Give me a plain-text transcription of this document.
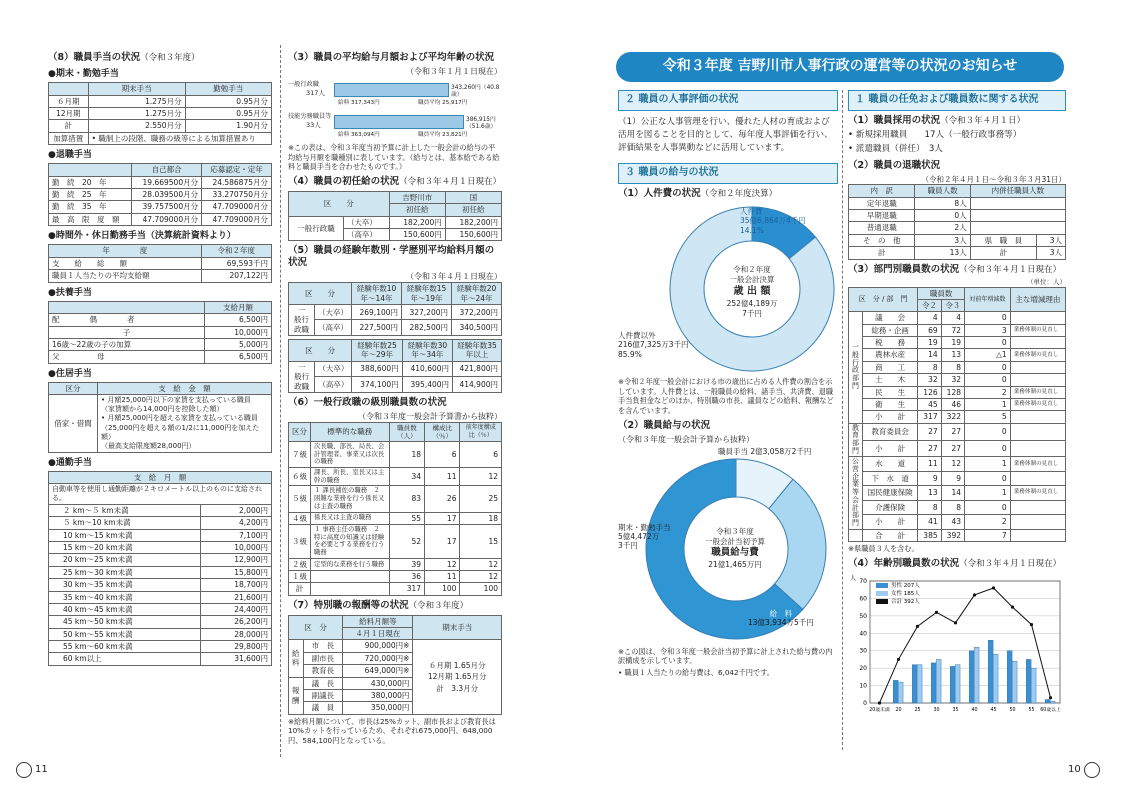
（8）職員手当の状況（令和３年度）
●期末・勤勉手当
	期末手当	勤勉手当
６月期	1.275月分	0.95月分
12月期	1.275月分	0.95月分
計	2.550月分	1.90月分
加算措置	• 職制上の段階、職務の級等による加算措置あり	
●退職手当
	自己都合	応募認定・定年
勤　続　20　年	19.669500月分	24.586875月分
勤　続　25　年	28.039500月分	33.270750月分
勤　続　35　年	39.757500月分	47.709000月分
最　高　限　度　額	47.709000月分	47.709000月分
●時間外・休日勤務手当（決算統計資料より）
年　　　　度	令和２年度
支　　給　　総　　額	69,593千円
職員１人当たりの平均支給額	207,122円
●扶養手当
	支給月額
配　　　　偶　　　　者	6,500円
子	10,000円
16歳～22歳の子の加算	5,000円
父　　　　　母	6,500円
●住居手当
区分	支　給　金　額
借家・借間	• 月額25,000円以下の家賃を支払っている職員
（家賃額から14,000円を控除した額）
• 月額25,000円を超える家賃を支払っている職員
（25,000円を超える額の1/2に11,000円を加えた額）
（最高支給限度額28,000円）
●通勤手当
支　給　月　額	
自動車等を使用し通勤距離が２キロメートル以上のものに支給される。	
２ km～５ km未満	2,000円
５ km～10 km未満	4,200円
10 km～15 km未満	7,100円
15 km～20 km未満	10,000円
20 km～25 km未満	12,900円
25 km～30 km未満	15,800円
30 km～35 km未満	18,700円
35 km～40 km未満	21,600円
40 km～45 km未満	24,400円
45 km～50 km未満	26,200円
50 km～55 km未満	28,000円
55 km～60 km未満	29,800円
60 km以上	31,600円
（3）職員の平均給与月額および平均年齢の状況
（令和３年１月１日現在）
一般行政職
317人
343,260円（40.8歳）
給料 317,343円	職員平均 25,917円
技能労務職員等
33人
386,915円（51.6歳）
給料 363,094円	職員平均 23,821円
※この表は、令和３年度当初予算に計上した一般会計の給与の平均給与月額を職種別に表しています。（給与とは、基本給である給料と職員手当を合わせたものです。）
（4）職員の初任給の状況（令和３年４月１日現在）
区　　分		吉野川市	国
		初任給	初任給
一般行政職	（大卒）	182,200円	182,200円
	（高卒）	150,600円	150,600円
（5）職員の経験年数別・学歴別平均給料月額の状況
（令和３年４月１日現在）
区　　分		経験年数10年～14年	経験年数15年～19年	経験年数20年～24年
一　般行政職	（大卒）	269,100円	327,200円	372,200円
	（高卒）	227,500円	282,500円	340,500円
区　　分		経験年数25年～29年	経験年数30年～34年	経験年数35年以上
一　般行政職	（大卒）	388,600円	410,600円	421,800円
	（高卒）	374,100円	395,400円	414,900円
（6）一般行政職の級別職員数の状況
（令和３年度一般会計予算書から抜粋）
区分	標準的な職務	職員数（人）	構成比（％）	前年度構成比（％）
７級	次長職、部長、局長、会計管理者、事業又は次長の職務	18	6	6
６級	課長、所長、室長又は主幹の職務	34	11	12
５級	１ 課長補佐の職務　２ 困難な業務を行う係長又は主査の職務	83	26	25
４級	係長又は主査の職務	55	17	18
３級	１ 事務主任の職務　２ 特に高度の知識又は経験を必要とする業務を行う職務	52	17	15
２級	定型的な業務を行う職務	39	12	12
１級		36	11	12
計		317	100	100
（7）特別職の報酬等の状況（令和３年度）
区　分		給料月額等	期末手当
		４月１日現在	
給料	市　長	900,000円※	６月期 1.65月分
12月期 1.65月分
計　3.3月分

	副市長	720,000円※	
	教育長	649,000円※	
報酬	議　長	430,000円	
	副議長	380,000円	
	議　員	350,000円	
※給料月額について、市長は25%カット、副市長および教育長は10%カットを行っているため、それぞれ675,000円、648,000円、584,100円となっている。
令和３年度 吉野川市人事行政の運営等の状況のお知らせ
２ 職員の人事評価の状況
（1）公正な人事管理を行い、優れた人材の育成および活用を図ることを目的として、毎年度人事評価を行い、評価結果を人事異動などに活用しています。
３ 職員の給与の状況
（1）人件費の状況（令和２年度決算）
令和２年度
一般会計決算
歳 出 額
252億4,189万
7千円
人件費
35億6,864万4千円
14.1%
人件費以外
216億7,325万3千円
85.9%
※令和２年度一般会計における市の歳出に占める人件費の割合を示しています。人件費とは、一般職員の給料、諸手当、共済費、退職手当負担金などのほか、特別職の市長、議員などの給料、報酬などを含んでいます。
（2）職員給与の状況
（令和３年度一般会計予算から抜粋）
令和３年度
一般会計当初予算
職員給与費
21億1,465万円
職員手当 2億3,058万2千円
期末・勤勉手当
5億4,472万
3千円
給　料
13億3,934万5千円
※この図は、令和３年度一般会計当初予算に計上された給与費の内訳構成を示しています。
• 職員１人当たりの給与費は、6,042千円です。
１ 職員の任免および職員数に関する状況
（1）職員採用の状況（令和３年４月１日）
• 新規採用職員　　17人（一般行政事務等）
• 派遣職員（併任）　3人
（2）職員の退職状況
（令和２年４月１日～令和３年３月31日）
内　訳	職員人数	内併任職員人数	
定年退職	8人		
早期退職	0人		
普通退職	2人		
そ　の　他	3人	県　職　員	3人
計	13人	計	3人
（3）部門別職員数の状況（令和３年４月１日現在）
（単位：人）
区　分 / 部　門		職員数		対前年増減数	主な増減理由
		令２	令３		
一般行政部門	議　　会	4	4	0	
	総務・企画	69	72	3	業務体制の見直し
	税　　務	19	19	0	
	農林水産	14	13	△1	業務体制の見直し
	商　　工	8	8	0	
	土　　木	32	32	0	
	民　　生	126	128	2	業務体制の見直し
	衛　　生	45	46	1	業務体制の見直し
	小　　計	317	322	5	
教育部門	教育委員会	27	27	0	
	小　　計	27	27	0	
公営企業等会計部門	水　　道	11	12	1	業務体制の見直し
	下　水　道	9	9	0	
	国民健康保険	13	14	1	業務体制の見直し
	介護保険	8	8	0	
	小　　計	41	43	2	
	合　　計	385	392	7	
※県職員３人を含む。
（4）年齢別職員数の状況（令和３年４月１日現在）
人
0
10
20
30
40
50
60
70
20歳未満 20	25	30	35	40	45	50	55 60歳以上
男性 207人
女性 185人
合計 392人
11	10
